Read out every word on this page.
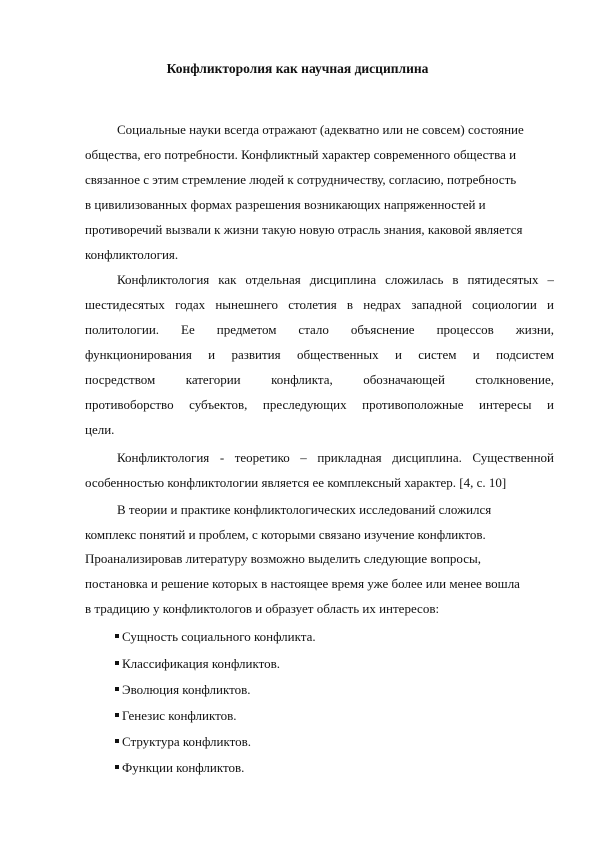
Конфликторолия как научная дисциплина
Социальные науки всегда отражают (адекватно или не совсем) состояние
общества, его потребности. Конфликтный характер современного общества и
связанное с этим стремление людей к сотрудничеству, согласию, потребность
в цивилизованных формах разрешения возникающих напряженностей и
противоречий вызвали к жизни такую новую отрасль знания, каковой является
конфликтология.
Конфликтология как отдельная дисциплина сложилась в пятидесятых –
шестидесятых годах нынешнего столетия в недрах западной социологии и
политологии. Ее предметом стало объяснение процессов жизни,
функционирования и развития общественных и систем и подсистем
посредством категории конфликта, обозначающей столкновение,
противоборство субъектов, преследующих противоположные интересы и
цели.
Конфликтология - теоретико – прикладная дисциплина. Существенной
особенностью конфликтологии является ее комплексный характер. [4, с. 10]
В теории и практике конфликтологических исследований сложился
комплекс понятий и проблем, с которыми связано изучение конфликтов.
Проанализировав литературу возможно выделить следующие вопросы,
постановка и решение которых в настоящее время уже более или менее вошла
в традицию у конфликтологов и образует область их интересов:
Сущность социального конфликта.
Классификация конфликтов.
Эволюция конфликтов.
Генезис конфликтов.
Структура конфликтов.
Функции конфликтов.
